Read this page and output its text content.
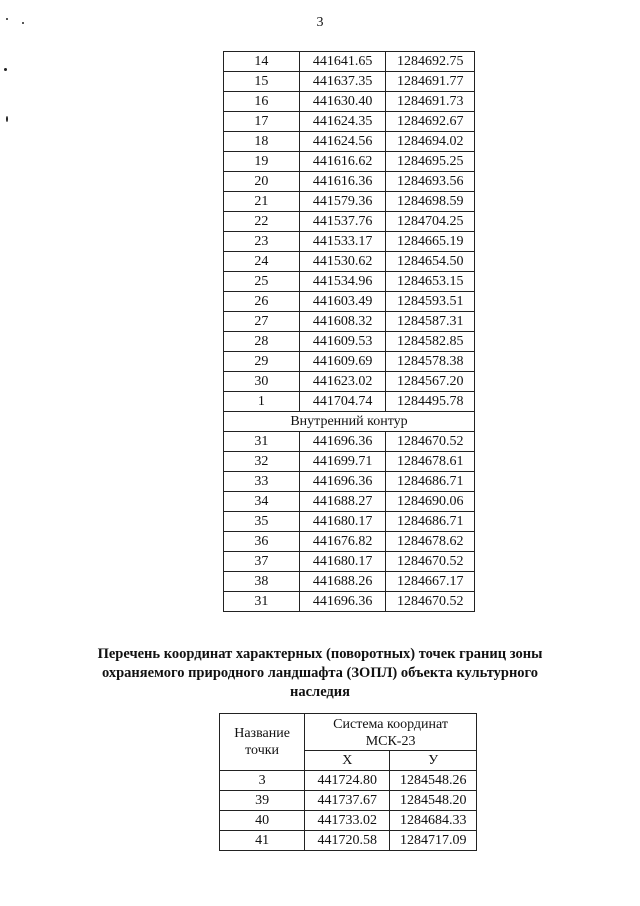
3
14	441641.65	1284692.75
15	441637.35	1284691.77
16	441630.40	1284691.73
17	441624.35	1284692.67
18	441624.56	1284694.02
19	441616.62	1284695.25
20	441616.36	1284693.56
21	441579.36	1284698.59
22	441537.76	1284704.25
23	441533.17	1284665.19
24	441530.62	1284654.50
25	441534.96	1284653.15
26	441603.49	1284593.51
27	441608.32	1284587.31
28	441609.53	1284582.85
29	441609.69	1284578.38
30	441623.02	1284567.20
1	441704.74	1284495.78
Внутренний контур		
31	441696.36	1284670.52
32	441699.71	1284678.61
33	441696.36	1284686.71
34	441688.27	1284690.06
35	441680.17	1284686.71
36	441676.82	1284678.62
37	441680.17	1284670.52
38	441688.26	1284667.17
31	441696.36	1284670.52
Перечень координат характерных (поворотных) точек границ зоны
охраняемого природного ландшафта (ЗОПЛ) объекта культурного
наследия
Название точки	Система координат
МСК-23	

	Х	У
3	441724.80	1284548.26
39	441737.67	1284548.20
40	441733.02	1284684.33
41	441720.58	1284717.09
